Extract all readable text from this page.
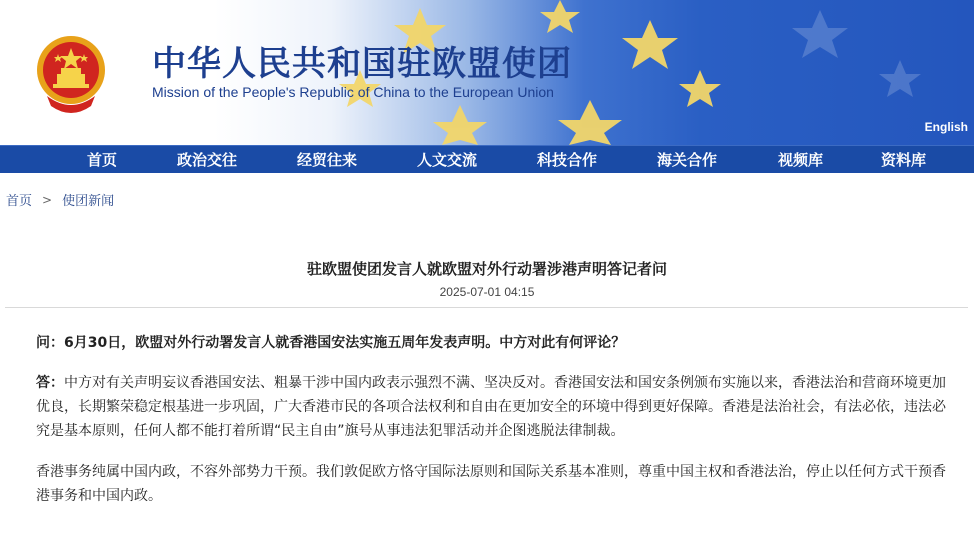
中华人民共和国驻欧盟使团
Mission of the People's Republic of China to the European Union
English
首页	政治交往	经贸往来	人文交流	科技合作	海关合作	视频库	资料库
首页 > 使团新闻
驻欧盟使团发言人就欧盟对外行动署涉港声明答记者问
2025-07-01 04:15

问：6月30日，欧盟对外行动署发言人就香港国安法实施五周年发表声明。中方对此有何评论？

答：中方对有关声明妄议香港国安法、粗暴干涉中国内政表示强烈不满、坚决反对。香港国安法和国安条例颁布实施以来，香港法治和营商环境更加优良，长期繁荣稳定根基进一步巩固，广大香港市民的各项合法权利和自由在更加安全的环境中得到更好保障。香港是法治社会，有法必依，违法必究是基本原则，任何人都不能打着所谓“民主自由”旗号从事违法犯罪活动并企图逃脱法律制裁。

香港事务纯属中国内政，不容外部势力干预。我们敦促欧方恪守国际法原则和国际关系基本准则，尊重中国主权和香港法治，停止以任何方式干预香港事务和中国内政。
